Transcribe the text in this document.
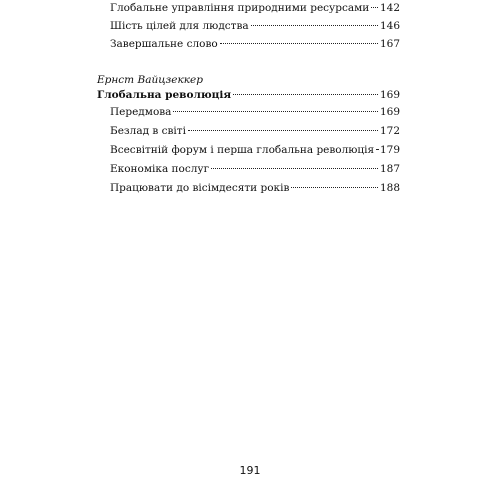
Глобальне управління природними ресурсами 142
Шість цілей для людства	146
Завершальне слово	167
Ернст Вайцзеккер
Глобальна революція	169
Передмова	169
Безлад в світі	172
Всесвітній форум і перша глобальна революція 179
Економіка послуг	187
Працювати до вісімдесяти років	188
191
